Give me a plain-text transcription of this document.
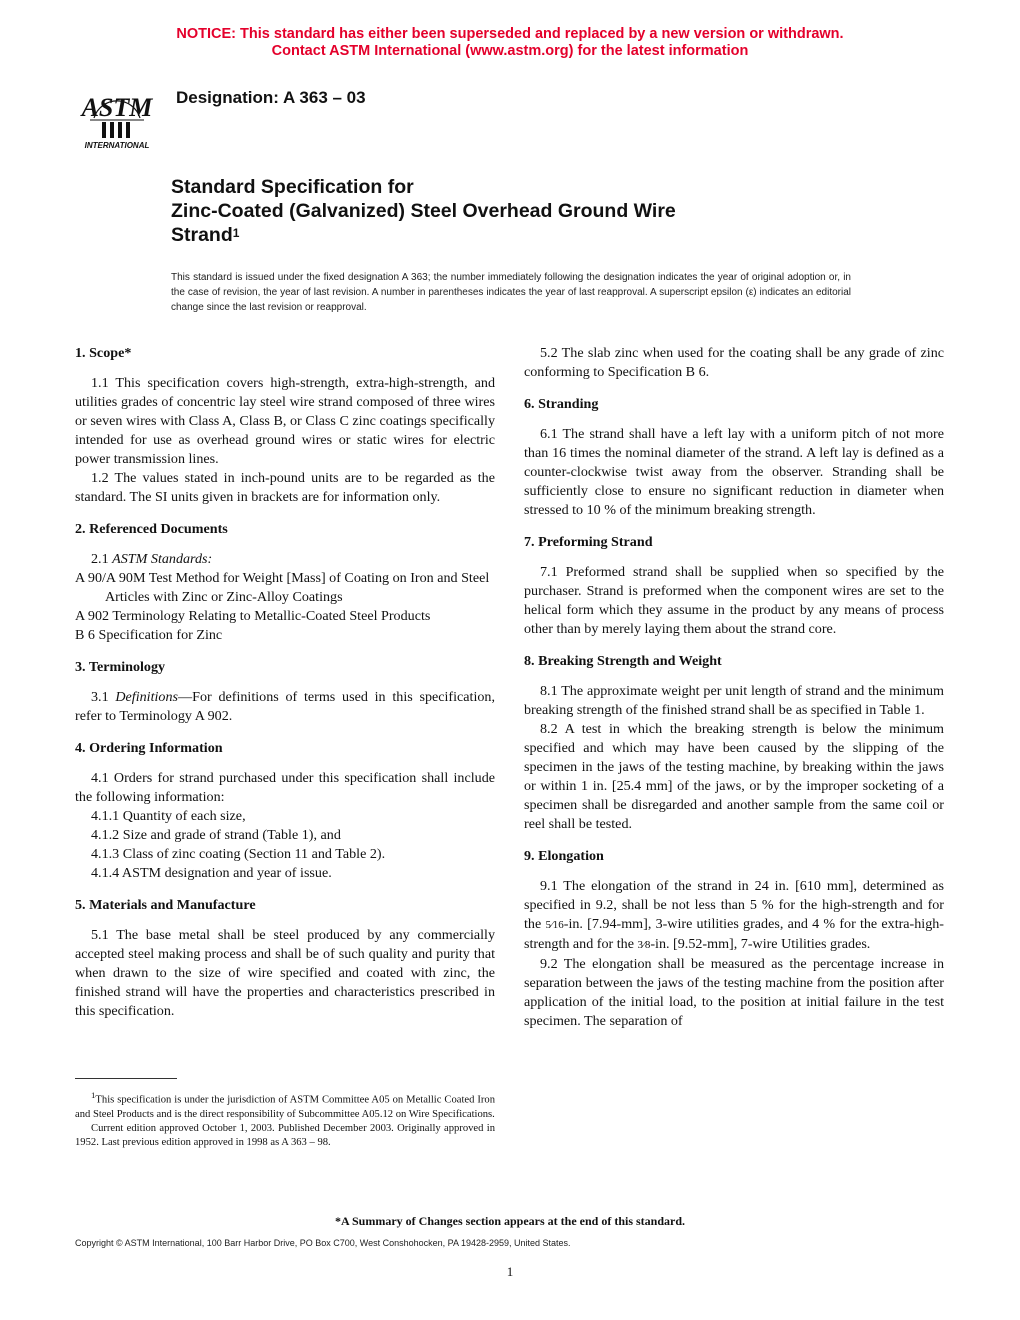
NOTICE: This standard has either been superseded and replaced by a new version or withdrawn.
Contact ASTM International (www.astm.org) for the latest information
ASTM
INTERNATIONAL
Designation: A 363 – 03
Standard Specification for
Zinc-Coated (Galvanized) Steel Overhead Ground Wire
Strand$^1$
This standard is issued under the fixed designation A 363; the number immediately following the designation indicates the year of original adoption or, in the case of revision, the year of last revision. A number in parentheses indicates the year of last reapproval. A superscript epsilon (ε) indicates an editorial change since the last revision or reapproval.

1. Scope*

1.1 This specification covers high-strength, extra-high-strength, and utilities grades of concentric lay steel wire strand composed of three wires or seven wires with Class A, Class B, or Class C zinc coatings specifically intended for use as overhead ground wires or static wires for electric power transmission lines.

1.2 The values stated in inch-pound units are to be regarded as the standard. The SI units given in brackets are for information only.

2. Referenced Documents

2.1 ASTM Standards:

A 90/A 90M Test Method for Weight [Mass] of Coating on Iron and Steel Articles with Zinc or Zinc-Alloy Coatings

A 902 Terminology Relating to Metallic-Coated Steel Products

B 6 Specification for Zinc

3. Terminology

3.1 Definitions—For definitions of terms used in this specification, refer to Terminology A 902.

4. Ordering Information

4.1 Orders for strand purchased under this specification shall include the following information:

4.1.1 Quantity of each size,

4.1.2 Size and grade of strand (Table 1), and

4.1.3 Class of zinc coating (Section 11 and Table 2).

4.1.4 ASTM designation and year of issue.

5. Materials and Manufacture

5.1 The base metal shall be steel produced by any commercially accepted steel making process and shall be of such quality and purity that when drawn to the size of wire specified and coated with zinc, the finished strand will have the properties and characteristics prescribed in this specification.

5.2 The slab zinc when used for the coating shall be any grade of zinc conforming to Specification B 6.

6. Stranding

6.1 The strand shall have a left lay with a uniform pitch of not more than 16 times the nominal diameter of the strand. A left lay is defined as a counter-clockwise twist away from the observer. Stranding shall be sufficiently close to ensure no significant reduction in diameter when stressed to 10 % of the minimum breaking strength.

7. Preforming Strand

7.1 Preformed strand shall be supplied when so specified by the purchaser. Strand is preformed when the component wires are set to the helical form which they assume in the product by any means of process other than by merely laying them about the strand core.

8. Breaking Strength and Weight

8.1 The approximate weight per unit length of strand and the minimum breaking strength of the finished strand shall be as specified in Table 1.

8.2 A test in which the breaking strength is below the minimum specified and which may have been caused by the slipping of the specimen in the jaws of the testing machine, by breaking within the jaws or within 1 in. [25.4 mm] of the jaws, or by the improper socketing of a specimen shall be disregarded and another sample from the same coil or reel shall be tested.

9. Elongation

9.1 The elongation of the strand in 24 in. [610 mm], determined as specified in 9.2, shall be not less than 5 % for the high-strength and for the 5⁄16-in. [7.94-mm], 3-wire utilities grades, and 4 % for the extra-high-strength and for the 3⁄8-in. [9.52-mm], 7-wire Utilities grades.

9.2 The elongation shall be measured as the percentage increase in separation between the jaws of the testing machine from the position after application of the initial load, to the position at initial failure in the test specimen. The separation of

$^1$This specification is under the jurisdiction of ASTM Committee A05 on Metallic Coated Iron and Steel Products and is the direct responsibility of Subcommittee A05.12 on Wire Specifications.

Current edition approved October 1, 2003. Published December 2003. Originally approved in 1952. Last previous edition approved in 1998 as A 363 – 98.

*A Summary of Changes section appears at the end of this standard.
Copyright © ASTM International, 100 Barr Harbor Drive, PO Box C700, West Conshohocken, PA 19428-2959, United States.
1
